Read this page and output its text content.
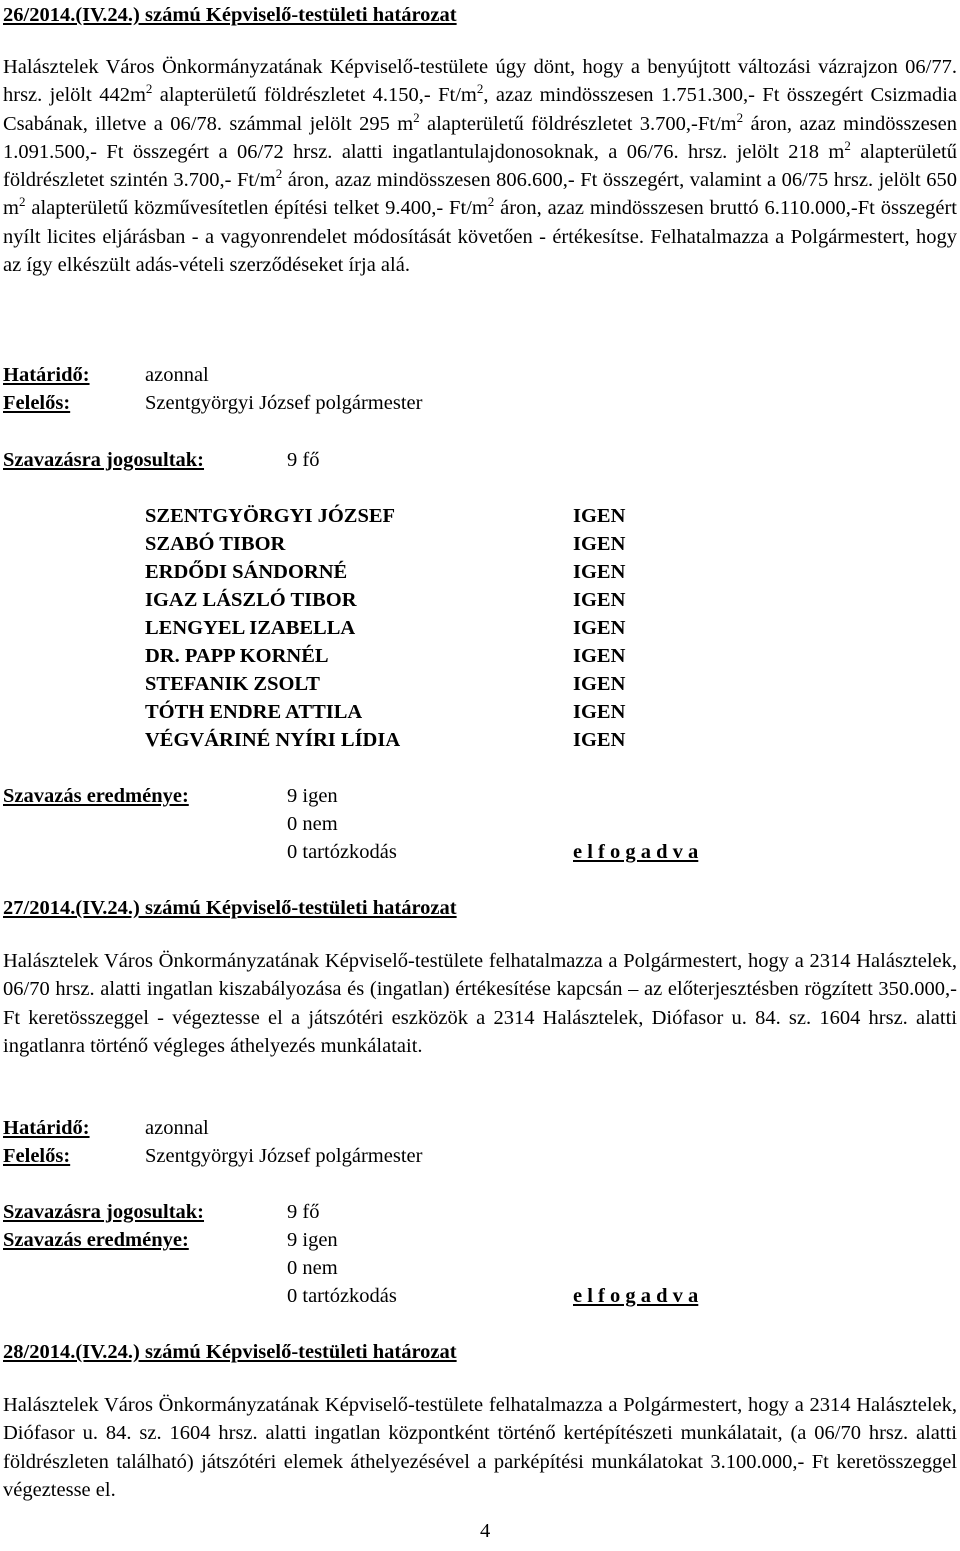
26/2014.(IV.24.) számú Képviselő-testületi határozat
Halásztelek Város Önkormányzatának Képviselő-testülete úgy dönt, hogy a benyújtott változási vázrajzon 06/77. hrsz. jelölt $442m^2$ alapterületű földrészletet 4.150,- $Ft/m^2$, azaz mindösszesen 1.751.300,- Ft összegért Csizmadia Csabának, illetve a 06/78. számmal jelölt 295 $m^2$ alapterületű földrészletet $3.700,-Ft/m^2$ áron, azaz mindösszesen 1.091.500,- Ft összegért a 06/72 hrsz. alatti ingatlantulajdonosoknak, a 06/76. hrsz. jelölt 218 $m^2$ alapterületű földrészletet szintén 3.700,- $Ft/m^2$ áron, azaz mindösszesen 806.600,- Ft összegért, valamint a 06/75 hrsz. jelölt 650 $m^2$ alapterületű közművesítetlen építési telket 9.400,- $Ft/m^2$ áron, azaz mindösszesen bruttó 6.110.000,-Ft összegért nyílt licites eljárásban - a vagyonrendelet módosítását követően - értékesítse. Felhatalmazza a Polgármestert, hogy az így elkészült adás-vételi szerződéseket írja alá.
Határidő:	azonnal
Felelős:	Szentgyörgyi József polgármester
Szavazásra jogosultak:	9 fő
SZENTGYÖRGYI JÓZSEF	IGEN
SZABÓ TIBOR	IGEN
ERDŐDI SÁNDORNÉ	IGEN
IGAZ LÁSZLÓ TIBOR	IGEN
LENGYEL IZABELLA	IGEN
DR. PAPP KORNÉL	IGEN
STEFANIK ZSOLT	IGEN
TÓTH ENDRE ATTILA	IGEN
VÉGVÁRINÉ NYÍRI LÍDIA	IGEN
Szavazás eredménye:	9 igen
0 nem
0 tartózkodás	e l f o g a d v a
27/2014.(IV.24.) számú Képviselő-testületi határozat
Halásztelek Város Önkormányzatának Képviselő-testülete felhatalmazza a Polgármestert, hogy a 2314 Halásztelek, 06/70 hrsz. alatti ingatlan kiszabályozása és (ingatlan) értékesítése kapcsán – az előterjesztésben rögzített 350.000,- Ft keretösszeggel - végeztesse el a játszótéri eszközök a 2314 Halásztelek, Diófasor u. 84. sz. 1604 hrsz. alatti ingatlanra történő végleges áthelyezés munkálatait.
Határidő:	azonnal
Felelős:	Szentgyörgyi József polgármester
Szavazásra jogosultak:	9 fő
Szavazás eredménye:	9 igen
0 nem
0 tartózkodás	e l f o g a d v a
28/2014.(IV.24.) számú Képviselő-testületi határozat
Halásztelek Város Önkormányzatának Képviselő-testülete felhatalmazza a Polgármestert, hogy a 2314 Halásztelek, Diófasor u. 84. sz. 1604 hrsz. alatti ingatlan központként történő kertépítészeti munkálatait, (a 06/70 hrsz. alatti földrészleten található) játszótéri elemek áthelyezésével a parképítési munkálatokat 3.100.000,- Ft keretösszeggel végeztesse el.
4
